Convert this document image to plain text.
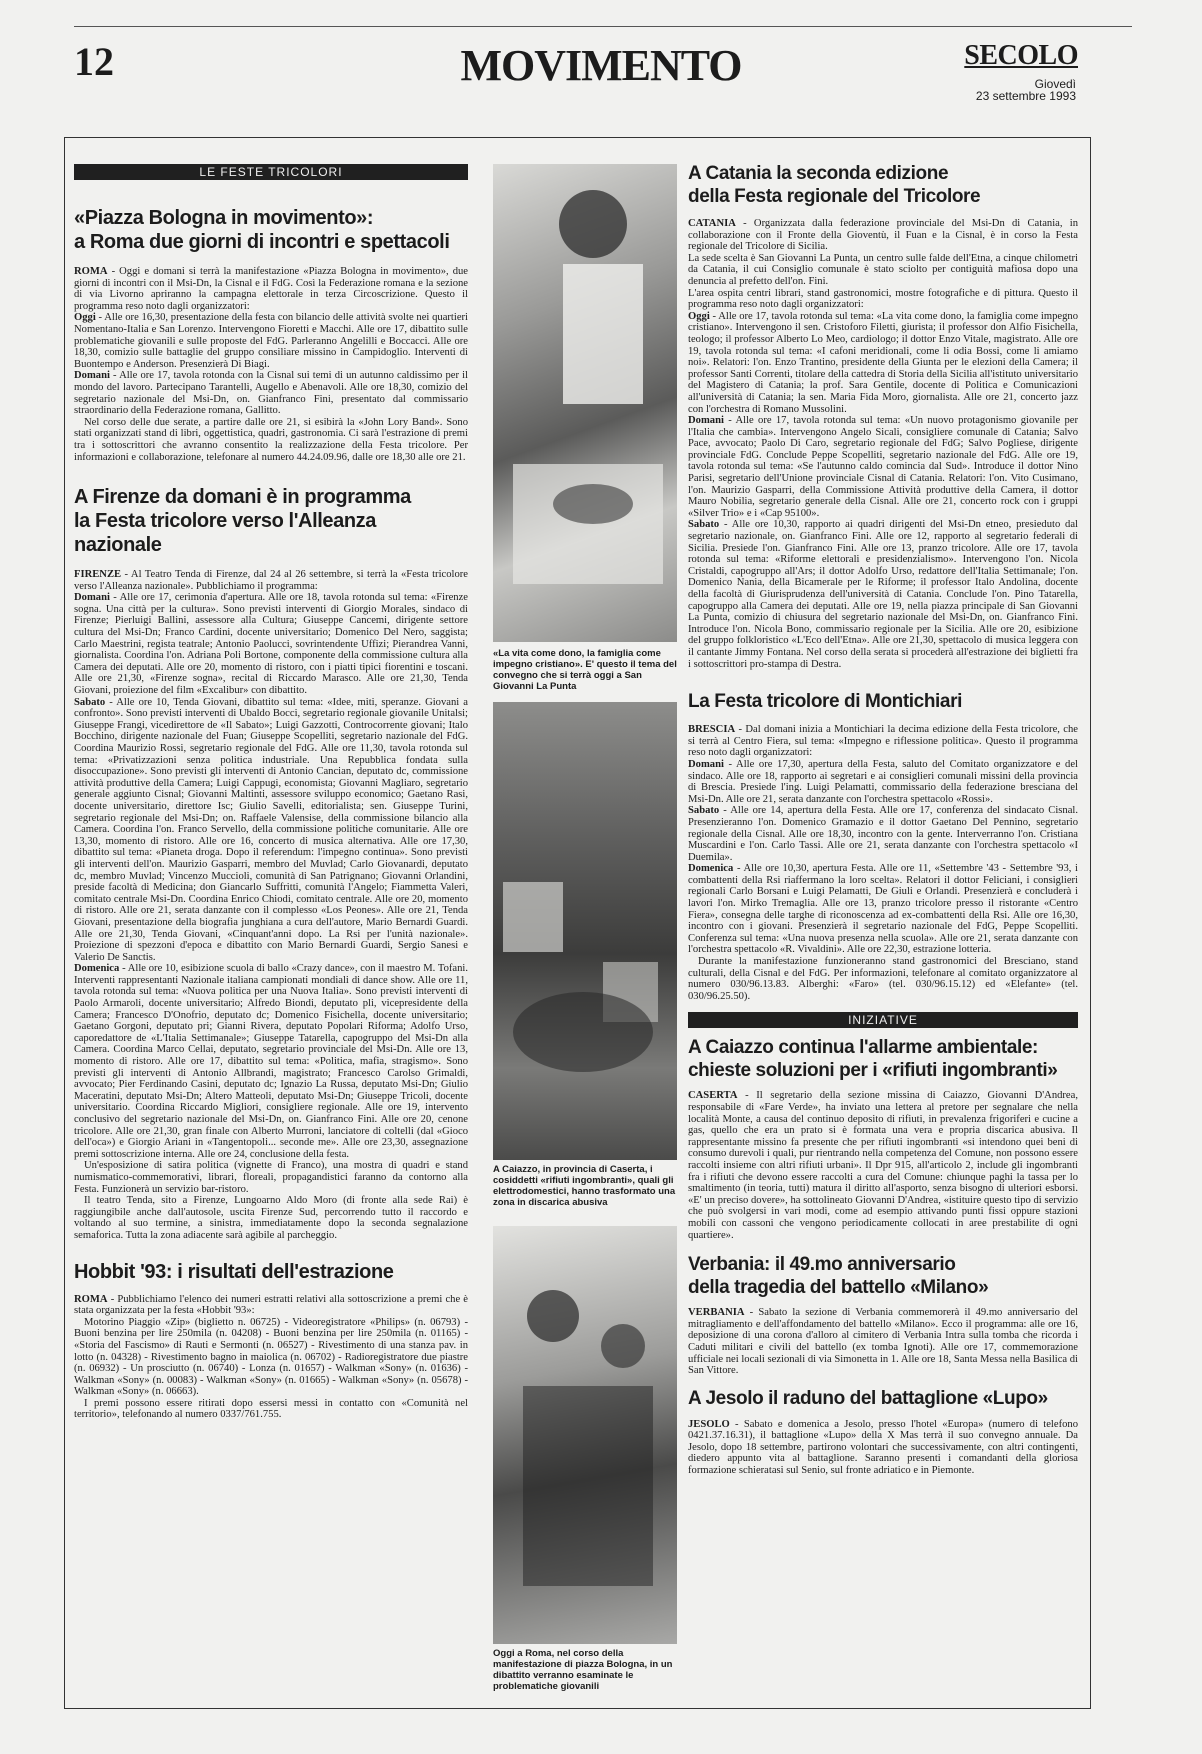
12	MOVIMENTO	SECOLO
Giovedì
23 settembre 1993
LE FESTE TRICOLORI
«Piazza Bologna in movimento»:
a Roma due giorni di incontri e spettacoli

ROMA - Oggi e domani si terrà la manifestazione «Piazza Bologna in movimento», due giorni di incontri con il Msi-Dn, la Cisnal e il FdG. Così la Federazione romana e la sezione di via Livorno apriranno la campagna elettorale in terza Circoscrizione. Questo il programma reso noto dagli organizzatori:

Oggi - Alle ore 16,30, presentazione della festa con bilancio delle attività svolte nei quartieri Nomentano-Italia e San Lorenzo. Intervengono Fioretti e Macchi. Alle ore 17, dibattito sulle problematiche giovanili e sulle proposte del FdG. Parleranno Angelilli e Boccacci. Alle ore 18,30, comizio sulle battaglie del gruppo consiliare missino in Campidoglio. Interventi di Buontempo e Anderson. Presenzierà Di Biagi.

Domani - Alle ore 17, tavola rotonda con la Cisnal sui temi di un autunno caldissimo per il mondo del lavoro. Partecipano Tarantelli, Augello e Abenavoli. Alle ore 18,30, comizio del segretario nazionale del Msi-Dn, on. Gianfranco Fini, presentato dal commissario straordinario della Federazione romana, Gallitto.

Nel corso delle due serate, a partire dalle ore 21, si esibirà la «John Lory Band». Sono stati organizzati stand di libri, oggettistica, quadri, gastronomia. Ci sarà l'estrazione di premi tra i sottoscrittori che avranno consentito la realizzazione della Festa tricolore. Per informazioni e collaborazione, telefonare al numero 44.24.09.96, dalle ore 18,30 alle ore 21.

A Firenze da domani è in programma
la Festa tricolore verso l'Alleanza nazionale

FIRENZE - Al Teatro Tenda di Firenze, dal 24 al 26 settembre, si terrà la «Festa tricolore verso l'Alleanza nazionale». Pubblichiamo il programma:

Domani - Alle ore 17, cerimonia d'apertura. Alle ore 18, tavola rotonda sul tema: «Firenze sogna. Una città per la cultura». Sono previsti interventi di Giorgio Morales, sindaco di Firenze; Pierluigi Ballini, assessore alla Cultura; Giuseppe Cancemi, dirigente settore cultura del Msi-Dn; Franco Cardini, docente universitario; Domenico Del Nero, saggista; Carlo Maestrini, regista teatrale; Antonio Paolucci, sovrintendente Uffizi; Pierandrea Vanni, giornalista. Coordina l'on. Adriana Poli Bortone, componente della commissione cultura alla Camera dei deputati. Alle ore 20, momento di ristoro, con i piatti tipici fiorentini e toscani. Alle ore 21,30, «Firenze sogna», recital di Riccardo Marasco. Alle ore 21,30, Tenda Giovani, proiezione del film «Excalibur» con dibattito.

Sabato - Alle ore 10, Tenda Giovani, dibattito sul tema: «Idee, miti, speranze. Giovani a confronto». Sono previsti interventi di Ubaldo Bocci, segretario regionale giovanile Unitalsi; Giuseppe Frangi, vicedirettore de «Il Sabato»; Luigi Gazzotti, Controcorrente giovani; Italo Bocchino, dirigente nazionale del Fuan; Giuseppe Scopelliti, segretario nazionale del FdG. Coordina Maurizio Rossi, segretario regionale del FdG. Alle ore 11,30, tavola rotonda sul tema: «Privatizzazioni senza politica industriale. Una Repubblica fondata sulla disoccupazione». Sono previsti gli interventi di Antonio Cancian, deputato dc, commissione attività produttive della Camera; Luigi Cappugi, economista; Giovanni Magliaro, segretario generale aggiunto Cisnal; Giovanni Maltinti, assessore sviluppo economico; Gaetano Rasi, docente universitario, direttore Isc; Giulio Savelli, editorialista; sen. Giuseppe Turini, segretario regionale del Msi-Dn; on. Raffaele Valensise, della commissione bilancio alla Camera. Coordina l'on. Franco Servello, della commissione politiche comunitarie. Alle ore 13,30, momento di ristoro. Alle ore 16, concerto di musica alternativa. Alle ore 17,30, dibattito sul tema: «Pianeta droga. Dopo il referendum: l'impegno continua». Sono previsti gli interventi dell'on. Maurizio Gasparri, membro del Muvlad; Carlo Giovanardi, deputato dc, membro Muvlad; Vincenzo Muccioli, comunità di San Patrignano; Giovanni Orlandini, preside facoltà di Medicina; don Giancarlo Suffritti, comunità l'Angelo; Fiammetta Valeri, comitato centrale Msi-Dn. Coordina Enrico Chiodi, comitato centrale. Alle ore 20, momento di ristoro. Alle ore 21, serata danzante con il complesso «Los Peones». Alle ore 21, Tenda Giovani, presentazione della biografia junghiana a cura dell'autore, Mario Bernardi Guardi. Alle ore 21,30, Tenda Giovani, «Cinquant'anni dopo. La Rsi per l'unità nazionale». Proiezione di spezzoni d'epoca e dibattito con Mario Bernardi Guardi, Sergio Sanesi e Valerio De Sanctis.

Domenica - Alle ore 10, esibizione scuola di ballo «Crazy dance», con il maestro M. Tofani. Interventi rappresentanti Nazionale italiana campionati mondiali di dance show. Alle ore 11, tavola rotonda sul tema: «Nuova politica per una Nuova Italia». Sono previsti interventi di Paolo Armaroli, docente universitario; Alfredo Biondi, deputato pli, vicepresidente della Camera; Francesco D'Onofrio, deputato dc; Domenico Fisichella, docente universitario; Gaetano Gorgoni, deputato pri; Gianni Rivera, deputato Popolari Riforma; Adolfo Urso, caporedattore de «L'Italia Settimanale»; Giuseppe Tatarella, capogruppo del Msi-Dn alla Camera. Coordina Marco Cellai, deputato, segretario provinciale del Msi-Dn. Alle ore 13, momento di ristoro. Alle ore 17, dibattito sul tema: «Politica, mafia, stragismo». Sono previsti gli interventi di Antonio Allbrandi, magistrato; Francesco Carolso Grimaldi, avvocato; Pier Ferdinando Casini, deputato dc; Ignazio La Russa, deputato Msi-Dn; Giulio Maceratini, deputato Msi-Dn; Altero Matteoli, deputato Msi-Dn; Giuseppe Tricoli, docente universitario. Coordina Riccardo Migliori, consigliere regionale. Alle ore 19, intervento conclusivo del segretario nazionale del Msi-Dn, on. Gianfranco Fini. Alle ore 20, cenone tricolore. Alle ore 21,30, gran finale con Alberto Murroni, lanciatore di coltelli (dal «Gioco dell'oca») e Giorgio Ariani in «Tangentopoli... seconde me». Alle ore 23,30, assegnazione premi sottoscrizione interna. Alle ore 24, conclusione della festa.

Un'esposizione di satira politica (vignette di Franco), una mostra di quadri e stand numismatico-commemorativi, librari, floreali, propagandistici faranno da contorno alla Festa. Funzionerà un servizio bar-ristoro.

Il teatro Tenda, sito a Firenze, Lungoarno Aldo Moro (di fronte alla sede Rai) è raggiungibile anche dall'autosole, uscita Firenze Sud, percorrendo tutto il raccordo e voltando al suo termine, a sinistra, immediatamente dopo la seconda segnalazione semaforica. Tutta la zona adiacente sarà agibile al parcheggio.

Hobbit '93: i risultati dell'estrazione

ROMA - Pubblichiamo l'elenco dei numeri estratti relativi alla sottoscrizione a premi che è stata organizzata per la festa «Hobbit '93»:

Motorino Piaggio «Zip» (biglietto n. 06725) - Videoregistratore «Philips» (n. 06793) - Buoni benzina per lire 250mila (n. 04208) - Buoni benzina per lire 250mila (n. 01165) - «Storia del Fascismo» di Rauti e Sermonti (n. 06527) - Rivestimento di una stanza pav. in lotto (n. 04328) - Rivestimento bagno in maiolica (n. 06702) - Radioregistratore due piastre (n. 06932) - Un prosciutto (n. 06740) - Lonza (n. 01657) - Walkman «Sony» (n. 01636) - Walkman «Sony» (n. 00083) - Walkman «Sony» (n. 01665) - Walkman «Sony» (n. 05678) - Walkman «Sony» (n. 06663).

I premi possono essere ritirati dopo essersi messi in contatto con «Comunità nel territorio», telefonando al numero 0337/761.755.

«La vita come dono, la famiglia come impegno cristiano». E' questo il tema del convegno che si terrà oggi a San Giovanni La Punta
A Caiazzo, in provincia di Caserta, i cosiddetti «rifiuti ingombranti», quali gli elettrodomestici, hanno trasformato una zona in discarica abusiva
Oggi a Roma, nel corso della manifestazione di piazza Bologna, in un dibattito verranno esaminate le problematiche giovanili
A Catania la seconda edizione
della Festa regionale del Tricolore

CATANIA - Organizzata dalla federazione provinciale del Msi-Dn di Catania, in collaborazione con il Fronte della Gioventù, il Fuan e la Cisnal, è in corso la Festa regionale del Tricolore di Sicilia.

La sede scelta è San Giovanni La Punta, un centro sulle falde dell'Etna, a cinque chilometri da Catania, il cui Consiglio comunale è stato sciolto per contiguità mafiosa dopo una denuncia al prefetto dell'on. Fini.

L'area ospita centri librari, stand gastronomici, mostre fotografiche e di pittura. Questo il programma reso noto dagli organizzatori:

Oggi - Alle ore 17, tavola rotonda sul tema: «La vita come dono, la famiglia come impegno cristiano». Intervengono il sen. Cristoforo Filetti, giurista; il professor don Alfio Fisichella, teologo; il professor Alberto Lo Meo, cardiologo; il dottor Enzo Vitale, magistrato. Alle ore 19, tavola rotonda sul tema: «I cafoni meridionali, come li odia Bossi, come li amiamo noi». Relatori: l'on. Enzo Trantino, presidente della Giunta per le elezioni della Camera; il professor Santi Correnti, titolare della cattedra di Storia della Sicilia all'istituto universitario del Magistero di Catania; la prof. Sara Gentile, docente di Politica e Comunicazioni all'università di Catania; la sen. Maria Fida Moro, giornalista. Alle ore 21, concerto jazz con l'orchestra di Romano Mussolini.

Domani - Alle ore 17, tavola rotonda sul tema: «Un nuovo protagonismo giovanile per l'Italia che cambia». Intervengono Angelo Sicali, consigliere comunale di Catania; Salvo Pace, avvocato; Paolo Di Caro, segretario regionale del FdG; Salvo Pogliese, dirigente provinciale FdG. Conclude Peppe Scopelliti, segretario nazionale del FdG. Alle ore 19, tavola rotonda sul tema: «Se l'autunno caldo comincia dal Sud». Introduce il dottor Nino Parisi, segretario dell'Unione provinciale Cisnal di Catania. Relatori: l'on. Vito Cusimano, l'on. Maurizio Gasparri, della Commissione Attività produttive della Camera, il dottor Mauro Nobilia, segretario generale della Cisnal. Alle ore 21, concerto rock con i gruppi «Silver Trio» e i «Cap 95100».

Sabato - Alle ore 10,30, rapporto ai quadri dirigenti del Msi-Dn etneo, presieduto dal segretario nazionale, on. Gianfranco Fini. Alle ore 12, rapporto al segretario federali di Sicilia. Presiede l'on. Gianfranco Fini. Alle ore 13, pranzo tricolore. Alle ore 17, tavola rotonda sul tema: «Riforme elettorali e presidenzialismo». Intervengono l'on. Nicola Cristaldi, capogruppo all'Ars; il dottor Adolfo Urso, redattore dell'Italia Settimanale; l'on. Domenico Nania, della Bicamerale per le Riforme; il professor Italo Andolina, docente della facoltà di Giurisprudenza dell'università di Catania. Conclude l'on. Pino Tatarella, capogruppo alla Camera dei deputati. Alle ore 19, nella piazza principale di San Giovanni La Punta, comizio di chiusura del segretario nazionale del Msi-Dn, on. Gianfranco Fini. Introduce l'on. Nicola Bono, commissario regionale per la Sicilia. Alle ore 20, esibizione del gruppo folkloristico «L'Eco dell'Etna». Alle ore 21,30, spettacolo di musica leggera con il cantante Jimmy Fontana. Nel corso della serata si procederà all'estrazione dei biglietti fra i sottoscrittori pro-stampa di Destra.

La Festa tricolore di Montichiari

BRESCIA - Dal domani inizia a Montichiari la decima edizione della Festa tricolore, che si terrà al Centro Fiera, sul tema: «Impegno e riflessione politica». Questo il programma reso noto dagli organizzatori:

Domani - Alle ore 17,30, apertura della Festa, saluto del Comitato organizzatore e del sindaco. Alle ore 18, rapporto ai segretari e ai consiglieri comunali missini della provincia di Brescia. Presiede l'ing. Luigi Pelamatti, commissario della federazione bresciana del Msi-Dn. Alle ore 21, serata danzante con l'orchestra spettacolo «Rossi».

Sabato - Alle ore 14, apertura della Festa. Alle ore 17, conferenza del sindacato Cisnal. Presenzieranno l'on. Domenico Gramazio e il dottor Gaetano Del Pennino, segretario regionale della Cisnal. Alle ore 18,30, incontro con la gente. Interverranno l'on. Cristiana Muscardini e l'on. Carlo Tassi. Alle ore 21, serata danzante con l'orchestra spettacolo «I Duemila».

Domenica - Alle ore 10,30, apertura Festa. Alle ore 11, «Settembre '43 - Settembre '93, i combattenti della Rsi riaffermano la loro scelta». Relatori il dottor Feliciani, i consiglieri regionali Carlo Borsani e Luigi Pelamatti, De Giuli e Orlandi. Presenzierà e concluderà i lavori l'on. Mirko Tremaglia. Alle ore 13, pranzo tricolore presso il ristorante «Centro Fiera», consegna delle targhe di riconoscenza ad ex-combattenti della Rsi. Alle ore 16,30, incontro con i giovani. Presenzierà il segretario nazionale del FdG, Peppe Scopelliti. Conferenza sul tema: «Una nuova presenza nella scuola». Alle ore 21, serata danzante con l'orchestra spettacolo «R. Vivaldini». Alle ore 22,30, estrazione lotteria.

Durante la manifestazione funzioneranno stand gastronomici del Bresciano, stand culturali, della Cisnal e del FdG. Per informazioni, telefonare al comitato organizzatore al numero 030/96.13.83. Alberghi: «Faro» (tel. 030/96.15.12) ed «Elefante» (tel. 030/96.25.50).

INIZIATIVE
A Caiazzo continua l'allarme ambientale:
chieste soluzioni per i «rifiuti ingombranti»

CASERTA - Il segretario della sezione missina di Caiazzo, Giovanni D'Andrea, responsabile di «Fare Verde», ha inviato una lettera al pretore per segnalare che nella località Monte, a causa del continuo deposito di rifiuti, in prevalenza frigoriferi e cucine a gas, quello che era un prato si è formata una vera e propria discarica abusiva. Il rappresentante missino fa presente che per rifiuti ingombranti «si intendono quei beni di consumo durevoli i quali, pur rientrando nella competenza del Comune, non possono essere raccolti insieme con altri rifiuti urbani». Il Dpr 915, all'articolo 2, include gli ingombranti fra i rifiuti che devono essere raccolti a cura del Comune: chiunque paghi la tassa per lo smaltimento (in teoria, tutti) matura il diritto all'asporto, senza bisogno di ulteriori esborsi. «E' un preciso dovere», ha sottolineato Giovanni D'Andrea, «istituire questo tipo di servizio che può svolgersi in vari modi, come ad esempio attivando punti fissi oppure stazioni mobili con cassoni che vengono periodicamente collocati in aree prestabilite di ogni quartiere».

Verbania: il 49.mo anniversario
della tragedia del battello «Milano»

VERBANIA - Sabato la sezione di Verbania commemorerà il 49.mo anniversario del mitragliamento e dell'affondamento del battello «Milano». Ecco il programma: alle ore 16, deposizione di una corona d'alloro al cimitero di Verbania Intra sulla tomba che ricorda i Caduti militari e civili del battello (ex tomba Ignoti). Alle ore 17, commemorazione ufficiale nei locali sezionali di via Simonetta in 1. Alle ore 18, Santa Messa nella Basilica di San Vittore.

A Jesolo il raduno del battaglione «Lupo»

JESOLO - Sabato e domenica a Jesolo, presso l'hotel «Europa» (numero di telefono 0421.37.16.31), il battaglione «Lupo» della X Mas terrà il suo convegno annuale. Da Jesolo, dopo 18 settembre, partirono volontari che successivamente, con altri contingenti, diedero appunto vita al battaglione. Saranno presenti i comandanti della gloriosa formazione schieratasi sul Senio, sul fronte adriatico e in Piemonte.
